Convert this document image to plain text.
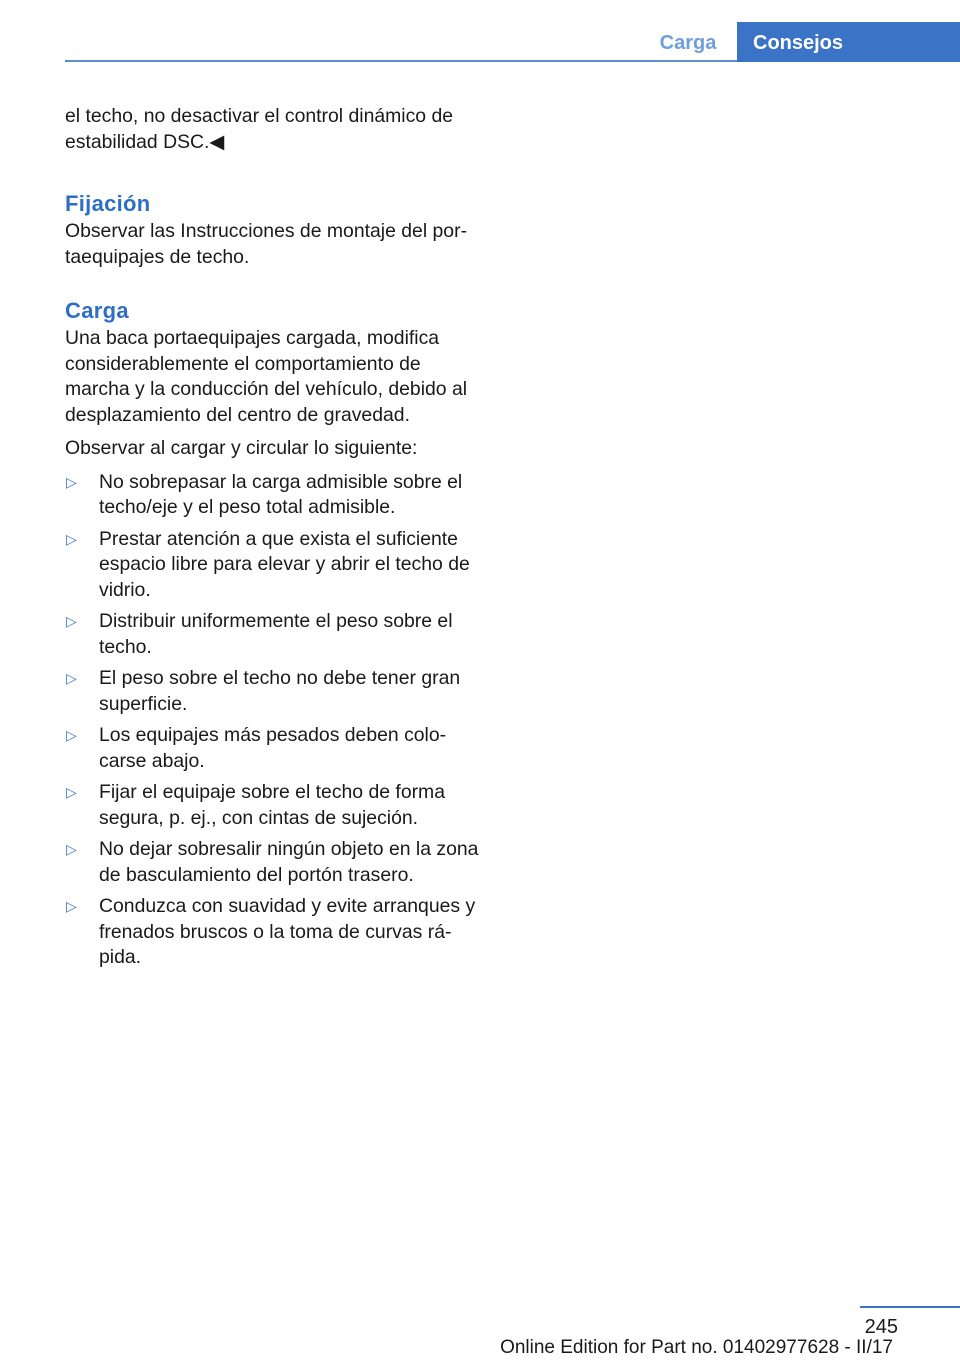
Carga	Consejos

el techo, no desactivar el control dinámico de estabilidad DSC.◀

Fijación

Observar las Instrucciones de montaje del portaequipajes de techo.

Carga

Una baca portaequipajes cargada, modifica considerablemente el comportamiento de marcha y la conducción del vehículo, debido al desplazamiento del centro de gravedad.

Observar al cargar y circular lo siguiente:

▷ No sobrepasar la carga admisible sobre el techo/eje y el peso total admisible.
▷ Prestar atención a que exista el suficiente espacio libre para elevar y abrir el techo de vidrio.
▷ Distribuir uniformemente el peso sobre el techo.
▷ El peso sobre el techo no debe tener gran superficie.
▷ Los equipajes más pesados deben colocarse abajo.
▷ Fijar el equipaje sobre el techo de forma segura, p. ej., con cintas de sujeción.
▷ No dejar sobresalir ningún objeto en la zona de basculamiento del portón trasero.
▷ Conduzca con suavidad y evite arranques y frenados bruscos o la toma de curvas rápida.
245
Online Edition for Part no. 01402977628 - II/17
